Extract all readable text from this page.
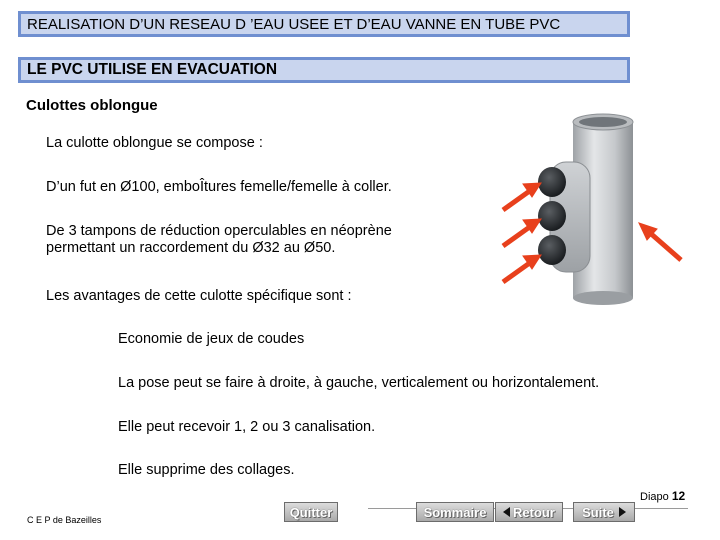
REALISATION D’UN RESEAU D ’EAU USEE ET D’EAU VANNE EN TUBE PVC
LE PVC UTILISE EN EVACUATION
Culottes oblongue
La culotte oblongue se compose :
D’un fut en Ø100, emboÎtures femelle/femelle à coller.
De 3 tampons de réduction operculables en néoprène
permettant un raccordement du Ø32 au Ø50.
Les avantages de cette culotte spécifique sont :
Economie de jeux de coudes
La pose peut se faire à droite, à gauche, verticalement ou horizontalement.
Elle peut recevoir 1, 2 ou 3 canalisation.
Elle supprime des collages.
Diapo 12
C E P de Bazeilles
Quitter	Sommaire Retour Suite
